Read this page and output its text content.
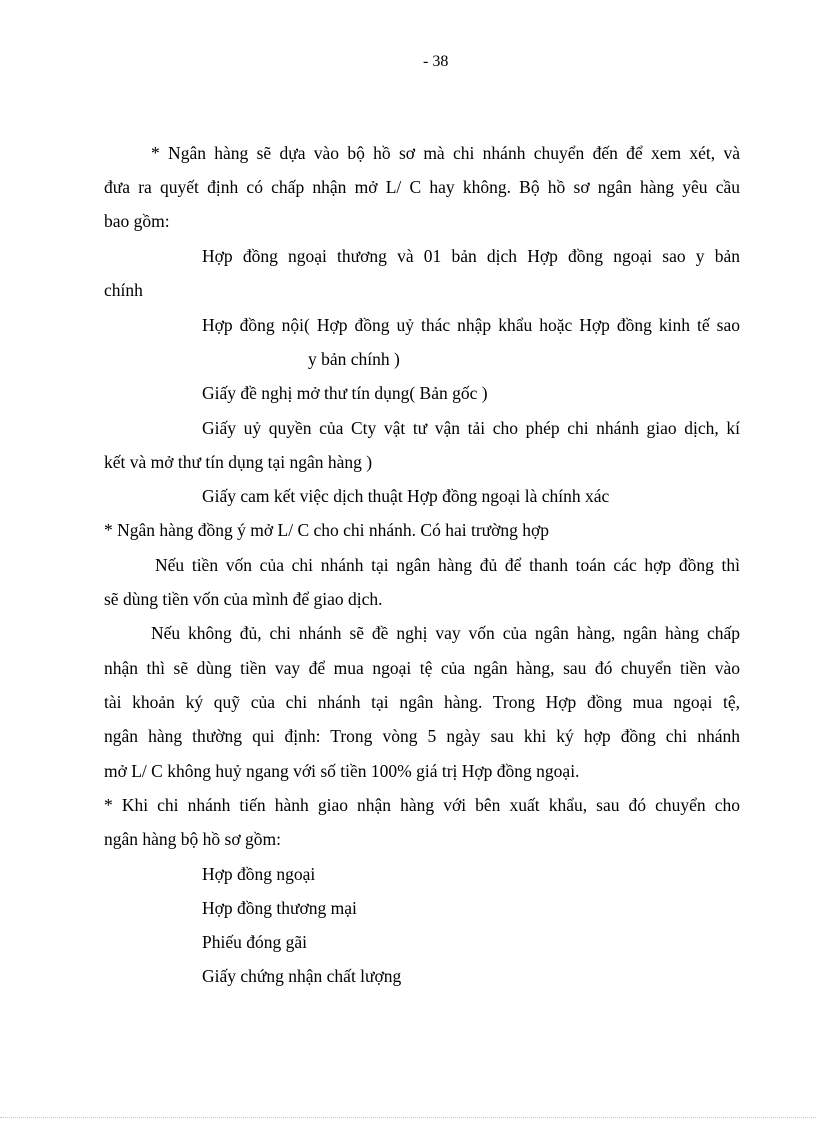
- 38
* Ngân hàng sẽ dựa vào bộ hồ sơ mà chi nhánh chuyển đến để xem xét, và
đưa ra quyết định có chấp nhận mở L/ C hay không. Bộ hồ sơ ngân hàng yêu cầu
bao gồm:
Hợp đồng ngoại thương và 01 bản dịch Hợp đồng ngoại sao y bản
chính
Hợp đồng nội( Hợp đồng uỷ thác nhập khẩu hoặc Hợp đồng kinh tế sao
y bản chính )
Giấy đề nghị mở thư tín dụng( Bản gốc )
Giấy uỷ quyền của Cty vật tư vận tải cho phép chi nhánh giao dịch, kí
kết và mở thư tín dụng tại ngân hàng )
Giấy cam kết việc dịch thuật Hợp đồng ngoại là chính xác
* Ngân hàng đồng ý mở L/ C cho chi nhánh. Có hai trường hợp
Nếu tiền vốn của chi nhánh tại ngân hàng đủ để thanh toán các hợp đồng thì
sẽ dùng tiền vốn của mình để giao dịch.
Nếu không đủ, chi nhánh sẽ đề nghị vay vốn của ngân hàng, ngân hàng chấp
nhận thì sẽ dùng tiền vay để mua ngoại tệ của ngân hàng, sau đó chuyển tiền vào
tài khoản ký quỹ của chi nhánh tại ngân hàng. Trong Hợp đồng mua ngoại tệ,
ngân hàng thường qui định: Trong vòng 5 ngày sau khi ký hợp đồng chi nhánh
mở L/ C không huỷ ngang với số tiền 100% giá trị Hợp đồng ngoại.
* Khi chi nhánh tiến hành giao nhận hàng với bên xuất khẩu, sau đó chuyển cho
ngân hàng bộ hồ sơ gồm:
Hợp đồng ngoại
Hợp đồng thương mại
Phiếu đóng gãi
Giấy chứng nhận chất lượng
